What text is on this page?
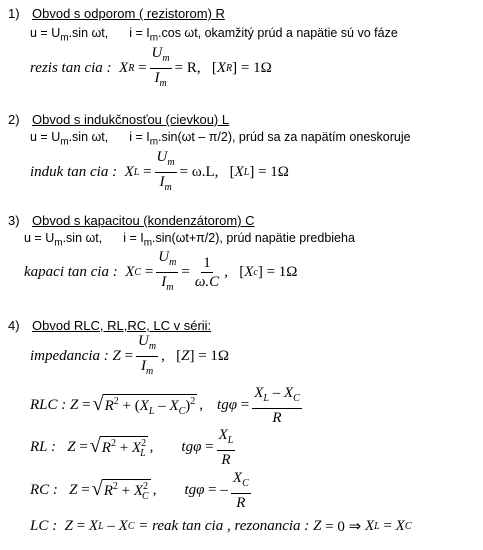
1) Obvod s odporom ( rezistorom) R
$u = U_m.\sin$ ωt, $i = I_m.\cos$ ωt, okamžitý prúd a napätie sú vo fáze
rezis tan cia :
X $R = \frac{U_m}{I_m} = R$, [ X R ] = 1Ω
2) Obvod s indukčnosťou (cievkou) L
$u = U_m.\sin$ ωt, $i = I_m.\sin(\omega t - \pi/2)$, prúd sa za napätím oneskoruje
induk tan cia :
X $L = \frac{U_m}{I_m} = \omega.L$, [ X L ] = 1Ω
3) Obvod s kapacitou (kondenzátorom) C
$u = U_m.\sin$ ωt, $i = I_m.\sin(\omega t+\pi/2)$, prúd napätie predbieha
kapaci tan cia :
X $C = \frac{U_m}{I_m} = \frac{1}{\omega.C}$ ,   [ X c ] = 1Ω
4) Obvod RLC, RL,RC, LC v sérii:
impedancia :
$Z = \frac{U_m}{I_m}$ ,   [ Z ] = 1Ω
RLC :
Z = √ $R^2 + (X_L - X_C)^2$ , $tg\varphi = \frac{X_L - X_C}{R}$
RL :
Z = √ $R^2 + X^2_L$ , $tg\varphi = \frac{X_L}{R}$
RC :
Z = √ $R^2 + X^2_C$ , tgφ = – $\frac{X_C}{R}$
LC :
Z = X L – X C
= reak tan cia ,
rezonancia :
Z
= 0 ⇒
X L = X C
